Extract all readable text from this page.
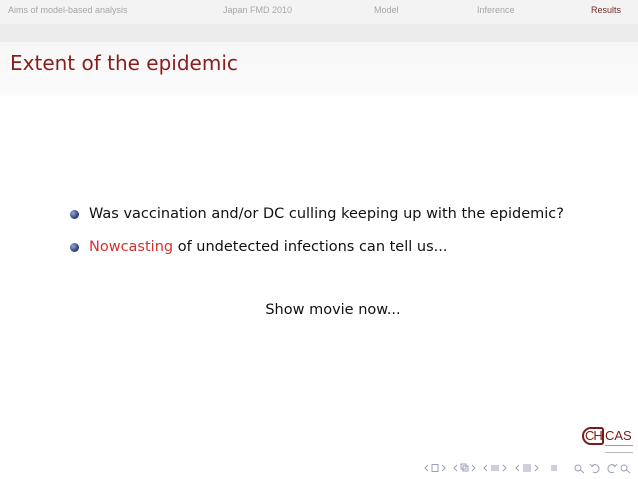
Aims of model-based analysis	Japan FMD 2010	Model	Inference	Results
Extent of the epidemic
Was vaccination and/or DC culling keeping up with the epidemic?
Nowcasting of undetected infections can tell us...
Show movie now...
CH CAS
